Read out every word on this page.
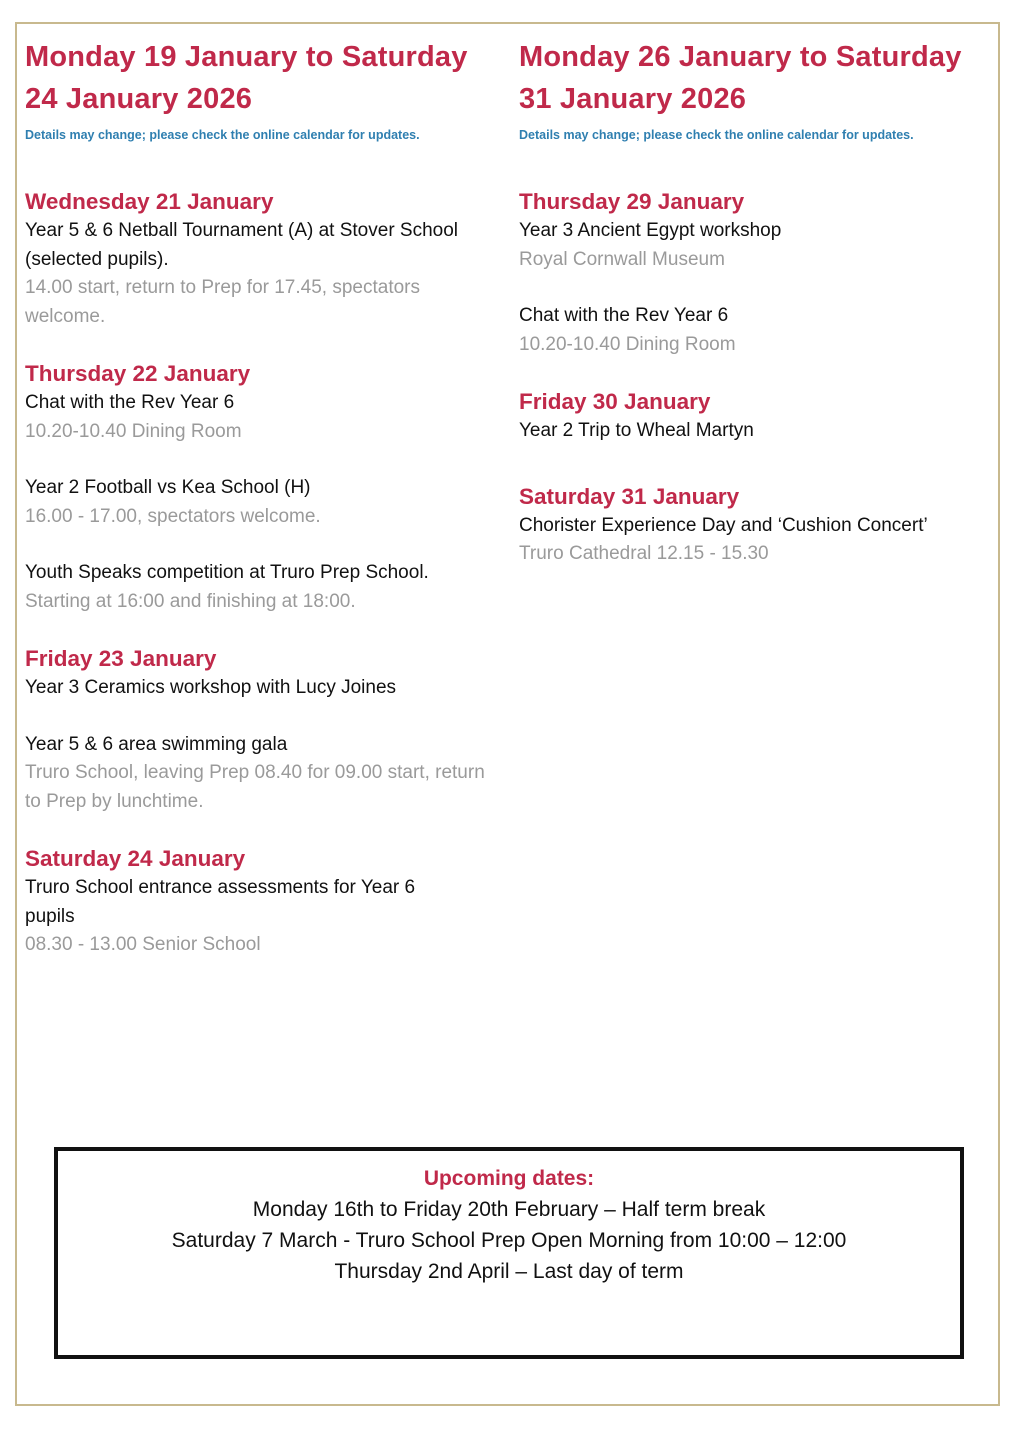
Monday 19 January to Saturday 24 January 2026

Details may change; please check the online calendar for updates.

Wednesday 21 January

Year 5 & 6 Netball Tournament (A) at Stover School (selected pupils).

14.00 start, return to Prep for 17.45, spectators welcome.

Thursday 22 January

Chat with the Rev Year 6

10.20-10.40 Dining Room

Year 2 Football vs Kea School (H)

16.00 - 17.00, spectators welcome.

Youth Speaks competition at Truro Prep School.

Starting at 16:00 and finishing at 18:00.

Friday 23 January

Year 3 Ceramics workshop with Lucy Joines

Year 5 & 6 area swimming gala

Truro School, leaving Prep 08.40 for 09.00 start, return to Prep by lunchtime.

Saturday 24 January

Truro School entrance assessments for Year 6 pupils

08.30 - 13.00 Senior School

Monday 26 January to Saturday 31 January 2026

Details may change; please check the online calendar for updates.

Thursday 29 January

Year 3 Ancient Egypt workshop

Royal Cornwall Museum

Chat with the Rev Year 6

10.20-10.40 Dining Room

Friday 30 January

Year 2 Trip to Wheal Martyn

Saturday 31 January

Chorister Experience Day and ‘Cushion Concert’

Truro Cathedral 12.15 - 15.30

Upcoming dates:

Monday 16th to Friday 20th February – Half term break

Saturday 7 March - Truro School Prep Open Morning from 10:00 – 12:00

Thursday 2nd April – Last day of term
